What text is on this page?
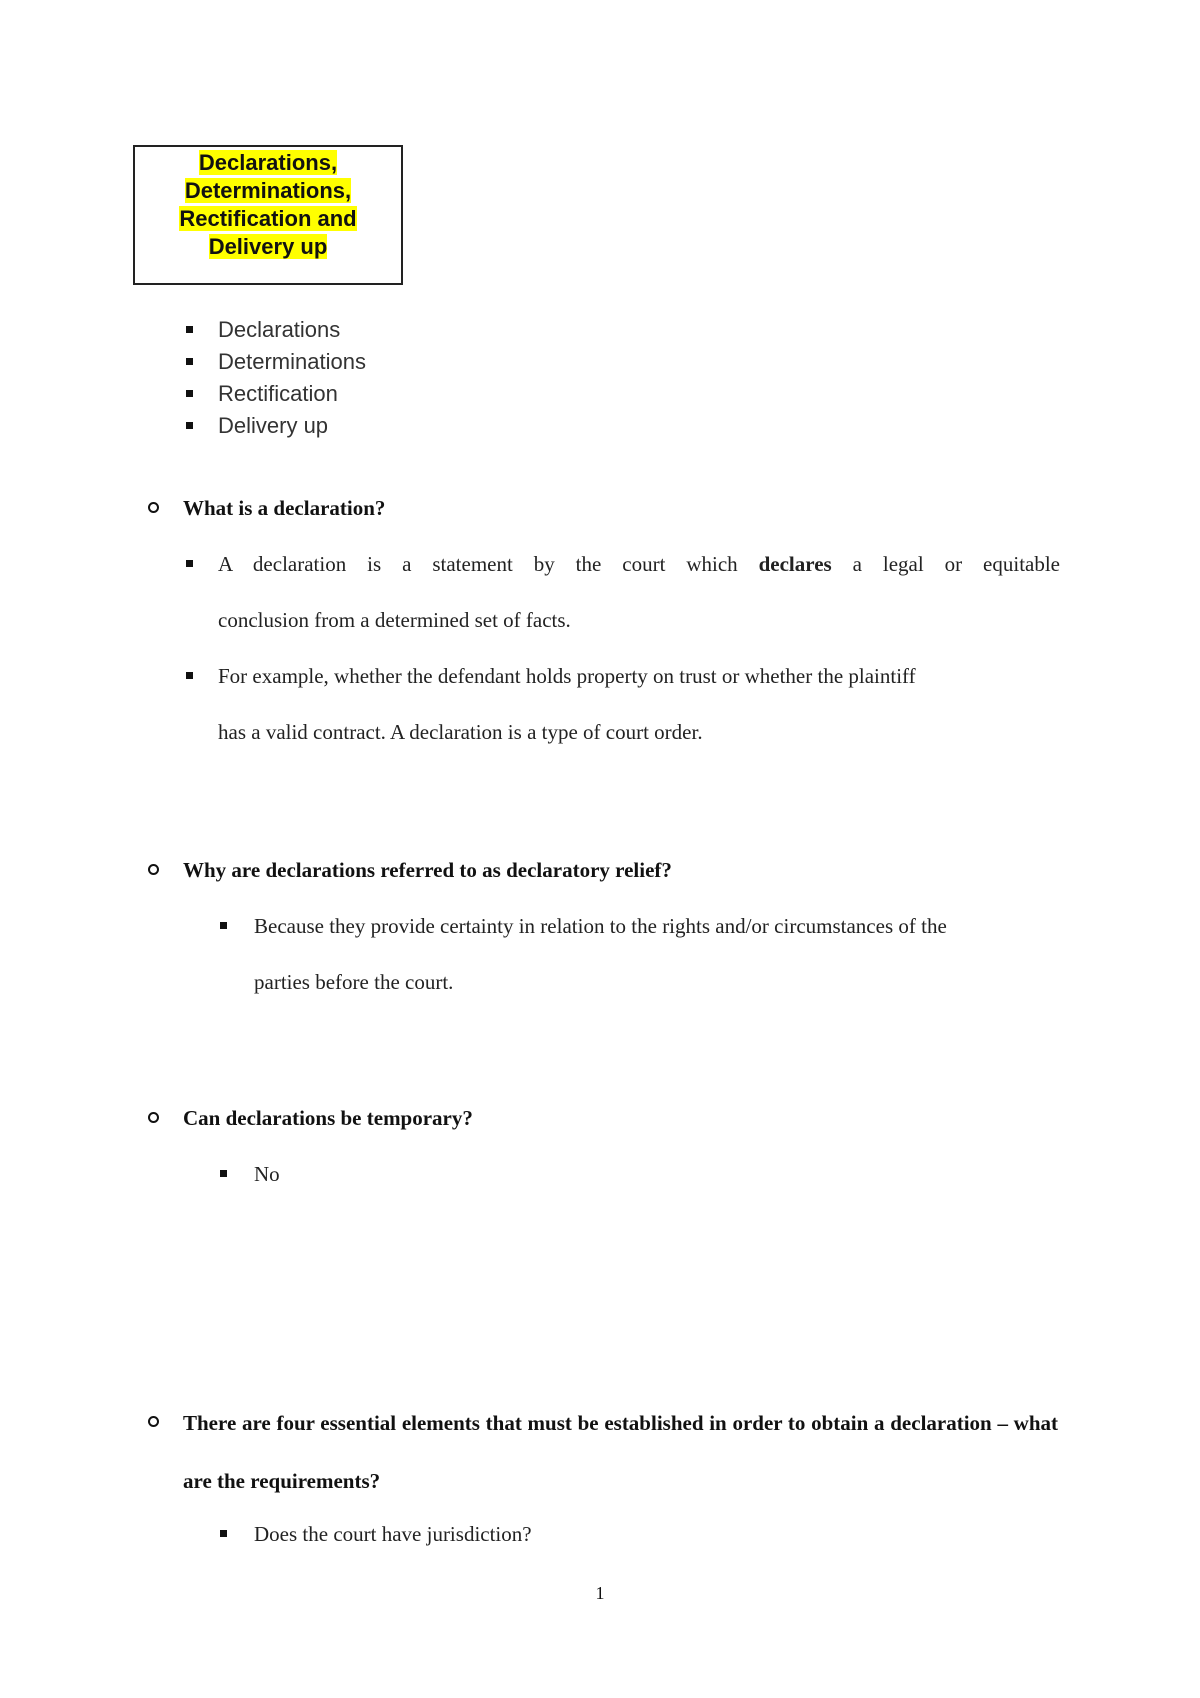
Declarations,
Determinations,
Rectification and
Delivery up
Declarations
Determinations
Rectification
Delivery up
What is a declaration?
A declaration is a statement by the court which declares a legal or equitable
conclusion from a determined set of facts.
For example, whether the defendant holds property on trust or whether the plaintiff
has a valid contract. A declaration is a type of court order.
Why are declarations referred to as declaratory relief?
Because they provide certainty in relation to the rights and/or circumstances of the
parties before the court.
Can declarations be temporary?
No
There are four essential elements that must be established in order to obtain a declaration – what are the requirements?
Does the court have jurisdiction?
1
